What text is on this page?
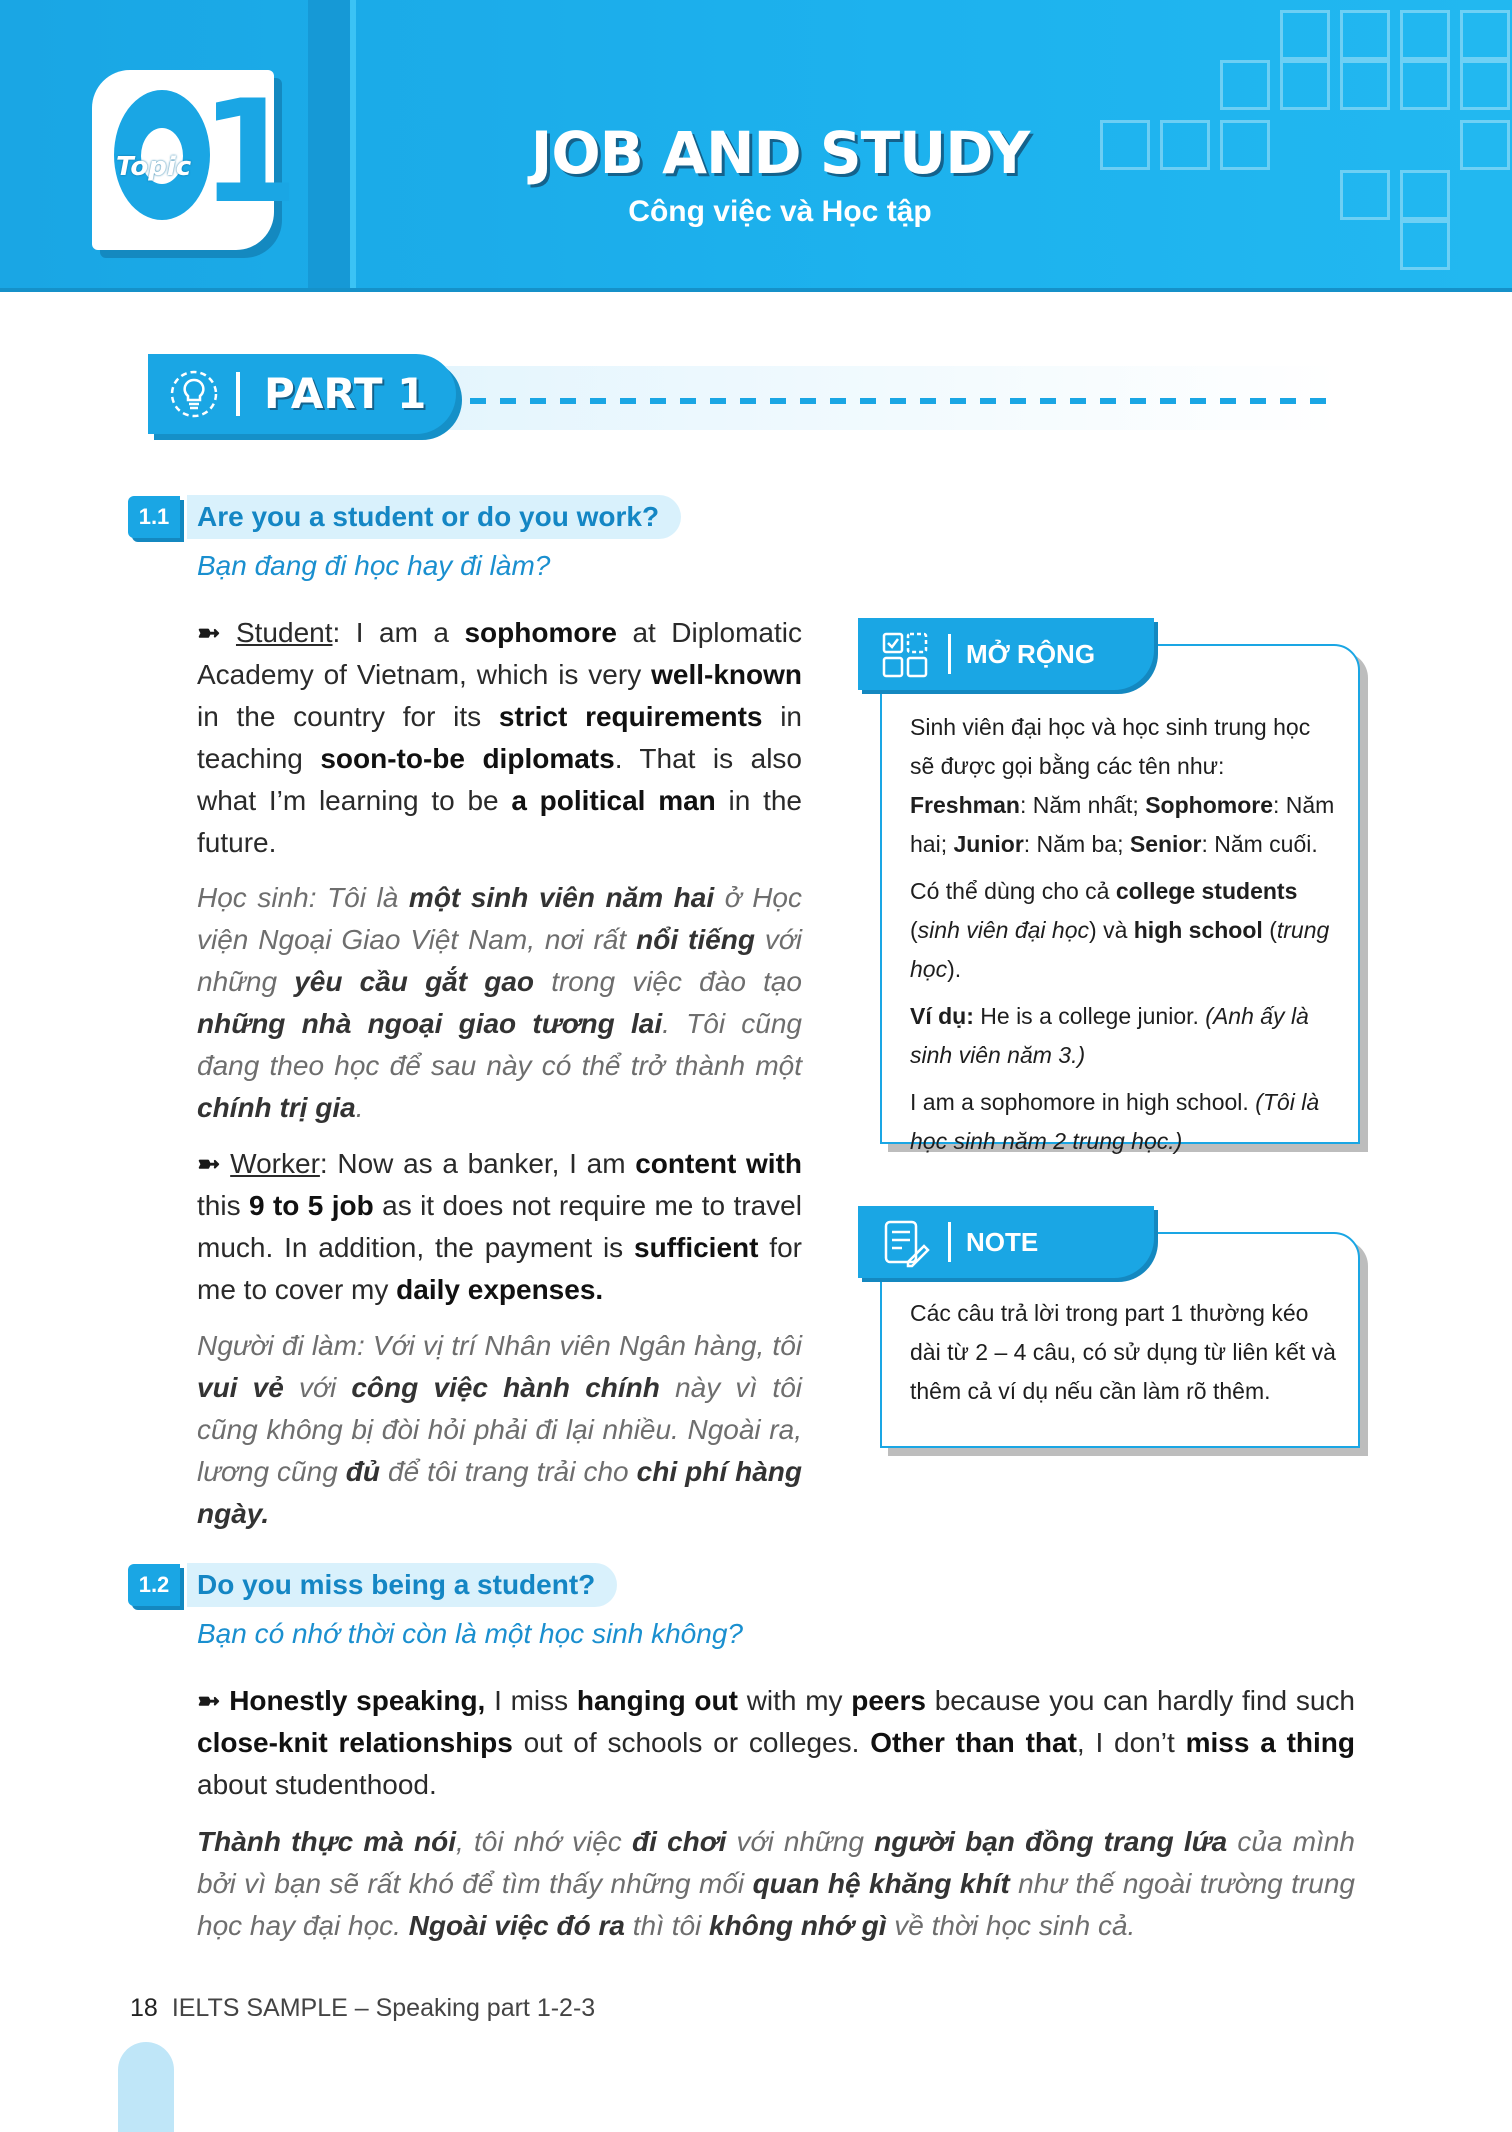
Topic 1	JOB AND STUDY
Công việc và Học tập
PART 1
1.1 Are you a student or do you work?
Bạn đang đi học hay đi làm?

➼ Student: I am a sophomore at Diplomatic Academy of Vietnam, which is very well-known in the country for its strict requirements in teaching soon-to-be diplomats. That is also what I’m learning to be a political man in the future.

Học sinh: Tôi là một sinh viên năm hai ở Học viện Ngoại Giao Việt Nam, nơi rất nổi tiếng với những yêu cầu gắt gao trong việc đào tạo những nhà ngoại giao tương lai. Tôi cũng đang theo học để sau này có thể trở thành một chính trị gia.

➼ Worker: Now as a banker, I am content with this 9 to 5 job as it does not require me to travel much. In addition, the payment is sufficient for me to cover my daily expenses.

Người đi làm: Với vị trí Nhân viên Ngân hàng, tôi vui vẻ với công việc hành chính này vì tôi cũng không bị đòi hỏi phải đi lại nhiều. Ngoài ra, lương cũng đủ để tôi trang trải cho chi phí hàng ngày.

MỞ RỘNG

Sinh viên đại học và học sinh trung học sẽ được gọi bằng các tên như: Freshman: Năm nhất; Sophomore: Năm hai; Junior: Năm ba; Senior: Năm cuối.

Có thể dùng cho cả college students (sinh viên đại học) và high school (trung học).

Ví dụ: He is a college junior. (Anh ấy là sinh viên năm 3.)

I am a sophomore in high school. (Tôi là học sinh năm 2 trung học.)

NOTE
Các câu trả lời trong part 1 thường kéo dài từ 2 – 4 câu, có sử dụng từ liên kết và thêm cả ví dụ nếu cần làm rõ thêm.
1.2 Do you miss being a student?
Bạn có nhớ thời còn là một học sinh không?

➼ Honestly speaking, I miss hanging out with my peers because you can hardly find such close-knit relationships out of schools or colleges. Other than that, I don’t miss a thing about studenthood.

Thành thực mà nói, tôi nhớ việc đi chơi với những người bạn đồng trang lứa của mình bởi vì bạn sẽ rất khó để tìm thấy những mối quan hệ khăng khít như thế ngoài trường trung học hay đại học. Ngoài việc đó ra thì tôi không nhớ gì về thời học sinh cả.

18 IELTS SAMPLE – Speaking part 1-2-3
